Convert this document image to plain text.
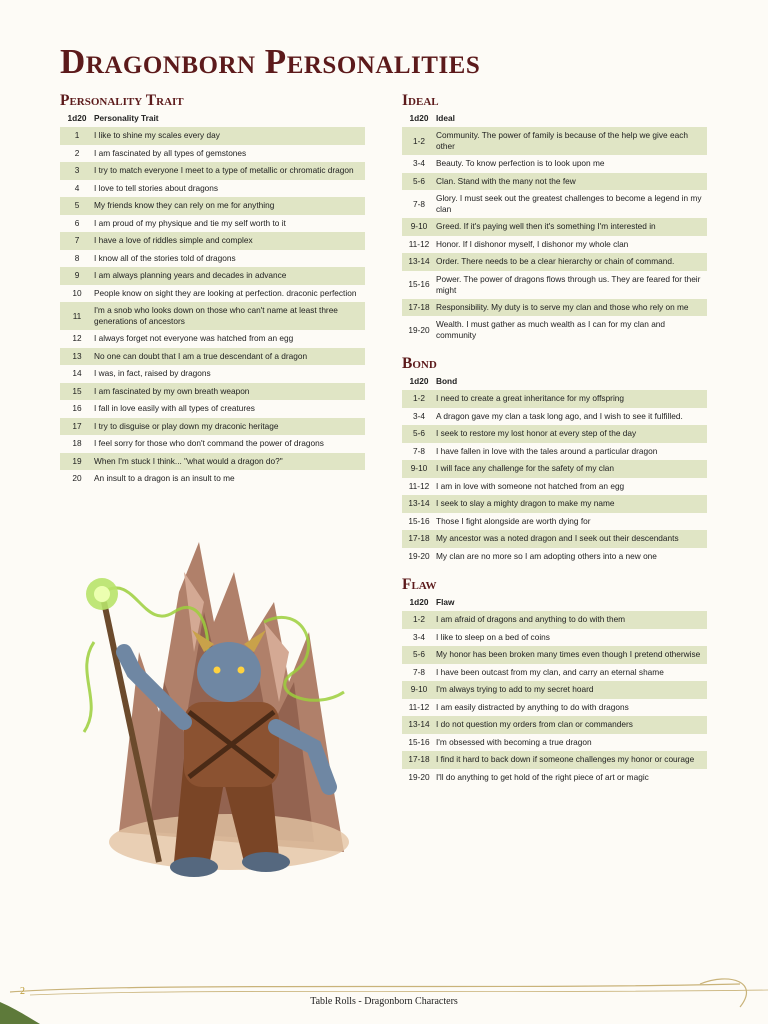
Dragonborn Personalities
Personality Trait
1d20	Personality Trait
1	I like to shine my scales every day
2	I am fascinated by all types of gemstones
3	I try to match everyone I meet to a type of metallic or chromatic dragon
4	I love to tell stories about dragons
5	My friends know they can rely on me for anything
6	I am proud of my physique and tie my self worth to it
7	I have a love of riddles simple and complex
8	I know all of the stories told of dragons
9	I am always planning years and decades in advance
10	People know on sight they are looking at perfection. draconic perfection
11	I'm a snob who looks down on those who can't name at least three generations of ancestors
12	I always forget not everyone was hatched from an egg
13	No one can doubt that I am a true descendant of a dragon
14	I was, in fact, raised by dragons
15	I am fascinated by my own breath weapon
16	I fall in love easily with all types of creatures
17	I try to disguise or play down my draconic heritage
18	I feel sorry for those who don't command the power of dragons
19	When I'm stuck I think... "what would a dragon do?"
20	An insult to a dragon is an insult to me
Ideal
1d20	Ideal
1-2	Community. The power of family is because of the help we give each other
3-4	Beauty. To know perfection is to look upon me
5-6	Clan. Stand with the many not the few
7-8	Glory. I must seek out the greatest challenges to become a legend in my clan
9-10	Greed. If it's paying well then it's something I'm interested in
11-12	Honor. If I dishonor myself, I dishonor my whole clan
13-14	Order. There needs to be a clear hierarchy or chain of command.
15-16	Power. The power of dragons flows through us. They are feared for their might
17-18	Responsibility. My duty is to serve my clan and those who rely on me
19-20	Wealth. I must gather as much wealth as I can for my clan and community
Bond
1d20	Bond
1-2	I need to create a great inheritance for my offspring
3-4	A dragon gave my clan a task long ago, and I wish to see it fulfilled.
5-6	I seek to restore my lost honor at every step of the day
7-8	I have fallen in love with the tales around a particular dragon
9-10	I will face any challenge for the safety of my clan
11-12	I am in love with someone not hatched from an egg
13-14	I seek to slay a mighty dragon to make my name
15-16	Those I fight alongside are worth dying for
17-18	My ancestor was a noted dragon and I seek out their descendants
19-20	My clan are no more so I am adopting others into a new one
Flaw
1d20	Flaw
1-2	I am afraid of dragons and anything to do with them
3-4	I like to sleep on a bed of coins
5-6	My honor has been broken many times even though I pretend otherwise
7-8	I have been outcast from my clan, and carry an eternal shame
9-10	I'm always trying to add to my secret hoard
11-12	I am easily distracted by anything to do with dragons
13-14	I do not question my orders from clan or commanders
15-16	I'm obsessed with becoming a true dragon
17-18	I find it hard to back down if someone challenges my honor or courage
19-20	I'll do anything to get hold of the right piece of art or magic
2
Table Rolls - Dragonborn Characters
